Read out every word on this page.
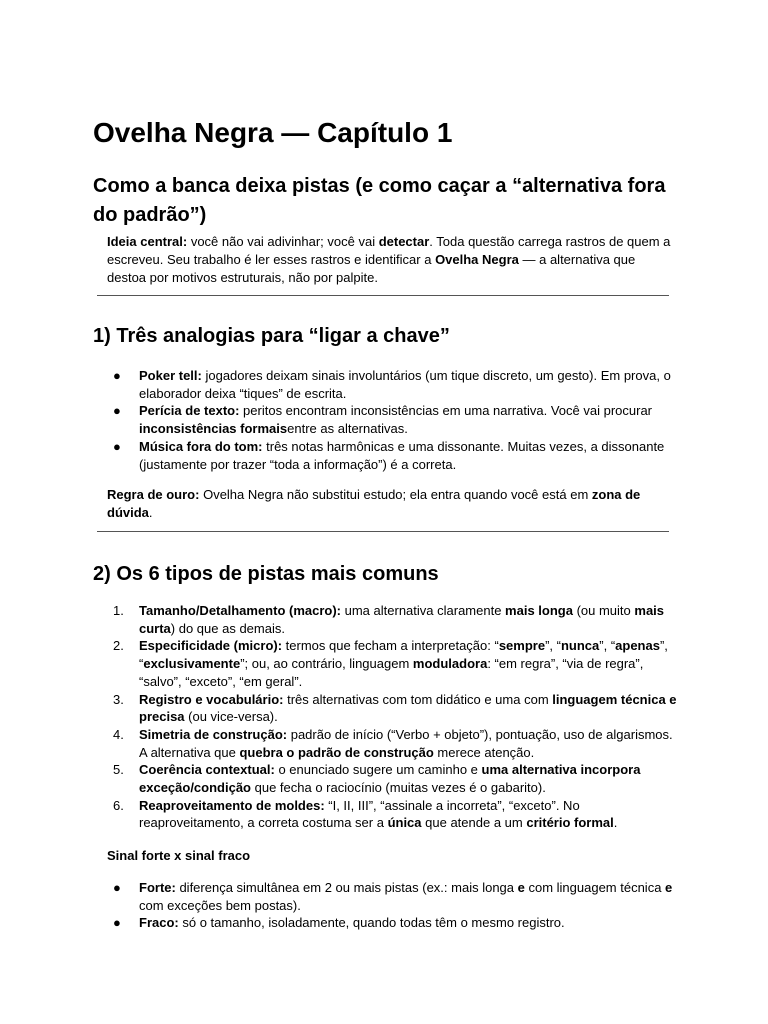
Ovelha Negra — Capítulo 1
Como a banca deixa pistas (e como caçar a “alternativa fora do padrão”)

Ideia central: você não vai adivinhar; você vai detectar. Toda questão carrega rastros de quem a escreveu. Seu trabalho é ler esses rastros e identificar a Ovelha Negra — a alternativa que destoa por motivos estruturais, não por palpite.

1) Três analogias para “ligar a chave”
● Poker tell: jogadores deixam sinais involuntários (um tique discreto, um gesto). Em prova, o elaborador deixa “tiques” de escrita.
● Perícia de texto: peritos encontram inconsistências em uma narrativa. Você vai procurar inconsistências formaisentre as alternativas.
● Música fora do tom: três notas harmônicas e uma dissonante. Muitas vezes, a dissonante (justamente por trazer “toda a informação”) é a correta.

Regra de ouro: Ovelha Negra não substitui estudo; ela entra quando você está em zona de dúvida.

2) Os 6 tipos de pistas mais comuns
1. Tamanho/Detalhamento (macro): uma alternativa claramente mais longa (ou muito mais curta) do que as demais.
2. Especificidade (micro): termos que fecham a interpretação: “sempre”, “nunca”, “apenas”, “exclusivamente”; ou, ao contrário, linguagem moduladora: “em regra”, “via de regra”, “salvo”, “exceto”, “em geral”.
3. Registro e vocabulário: três alternativas com tom didático e uma com linguagem técnica e precisa (ou vice-versa).
4. Simetria de construção: padrão de início (“Verbo + objeto”), pontuação, uso de algarismos. A alternativa que quebra o padrão de construção merece atenção.
5. Coerência contextual: o enunciado sugere um caminho e uma alternativa incorpora exceção/condição que fecha o raciocínio (muitas vezes é o gabarito).
6. Reaproveitamento de moldes: “I, II, III”, “assinale a incorreta”, “exceto”. No reaproveitamento, a correta costuma ser a única que atende a um critério formal.

Sinal forte x sinal fraco

● Forte: diferença simultânea em 2 ou mais pistas (ex.: mais longa e com linguagem técnica e com exceções bem postas).
● Fraco: só o tamanho, isoladamente, quando todas têm o mesmo registro.
